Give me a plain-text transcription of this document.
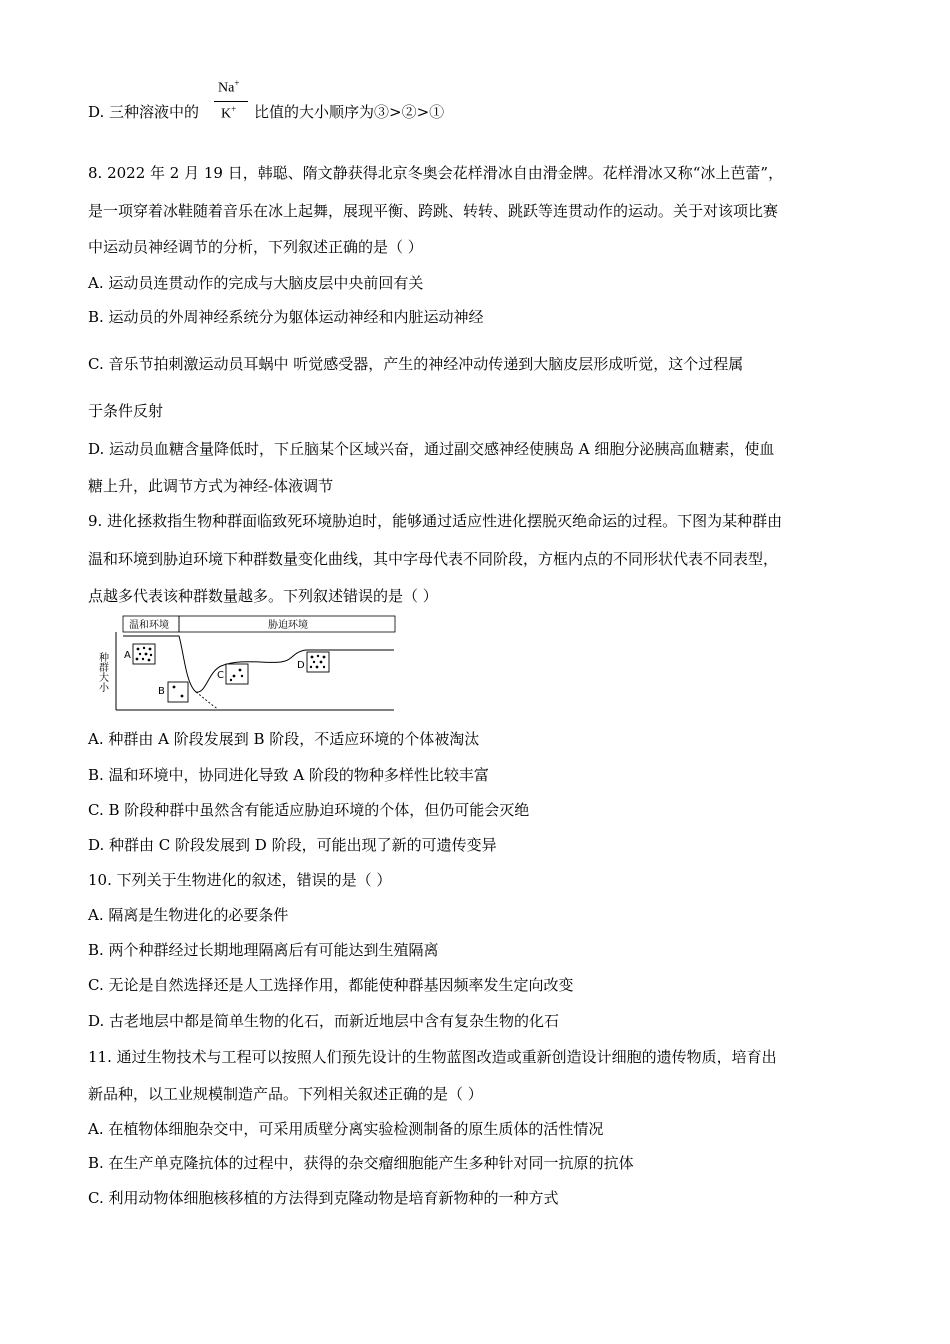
D. 三种溶液中的
Na+
K+ 比值的大小顺序为③>②>①
8. 2022 年 2 月 19 日，韩聪、隋文静获得北京冬奥会花样滑冰自由滑金牌。花样滑冰又称“冰上芭蕾”，
是一项穿着冰鞋随着音乐在冰上起舞，展现平衡、跨跳、转转、跳跃等连贯动作的运动。关于对该项比赛
中运动员神经调节的分析，下列叙述正确的是（ ）
A. 运动员连贯动作的完成与大脑皮层中央前回有关
B. 运动员的外周神经系统分为躯体运动神经和内脏运动神经
C. 音乐节拍刺激运动员耳蜗中 听觉感受器，产生的神经冲动传递到大脑皮层形成听觉，这个过程属
于条件反射
D. 运动员血糖含量降低时，下丘脑某个区域兴奋，通过副交感神经使胰岛 A 细胞分泌胰高血糖素，使血
糖上升，此调节方式为神经-体液调节
9. 进化拯救指生物种群面临致死环境胁迫时，能够通过适应性进化摆脱灭绝命运的过程。下图为某种群由
温和环境到胁迫环境下种群数量变化曲线，其中字母代表不同阶段，方框内点的不同形状代表不同表型，
点越多代表该种群数量越多。下列叙述错误的是（ ）
温和环境	胁迫环境
种群大小 A
B
C
D
A. 种群由 A 阶段发展到 B 阶段，不适应环境的个体被淘汰
B. 温和环境中，协同进化导致 A 阶段的物种多样性比较丰富
C. B 阶段种群中虽然含有能适应胁迫环境的个体，但仍可能会灭绝
D. 种群由 C 阶段发展到 D 阶段，可能出现了新的可遗传变异
10. 下列关于生物进化的叙述，错误的是（ ）
A. 隔离是生物进化的必要条件
B. 两个种群经过长期地理隔离后有可能达到生殖隔离
C. 无论是自然选择还是人工选择作用，都能使种群基因频率发生定向改变
D. 古老地层中都是简单生物的化石，而新近地层中含有复杂生物的化石
11. 通过生物技术与工程可以按照人们预先设计的生物蓝图改造或重新创造设计细胞的遗传物质，培育出
新品种，以工业规模制造产品。下列相关叙述正确的是（ ）
A. 在植物体细胞杂交中，可采用质壁分离实验检测制备的原生质体的活性情况
B. 在生产单克隆抗体的过程中，获得的杂交瘤细胞能产生多种针对同一抗原的抗体
C. 利用动物体细胞核移植的方法得到克隆动物是培育新物种的一种方式
